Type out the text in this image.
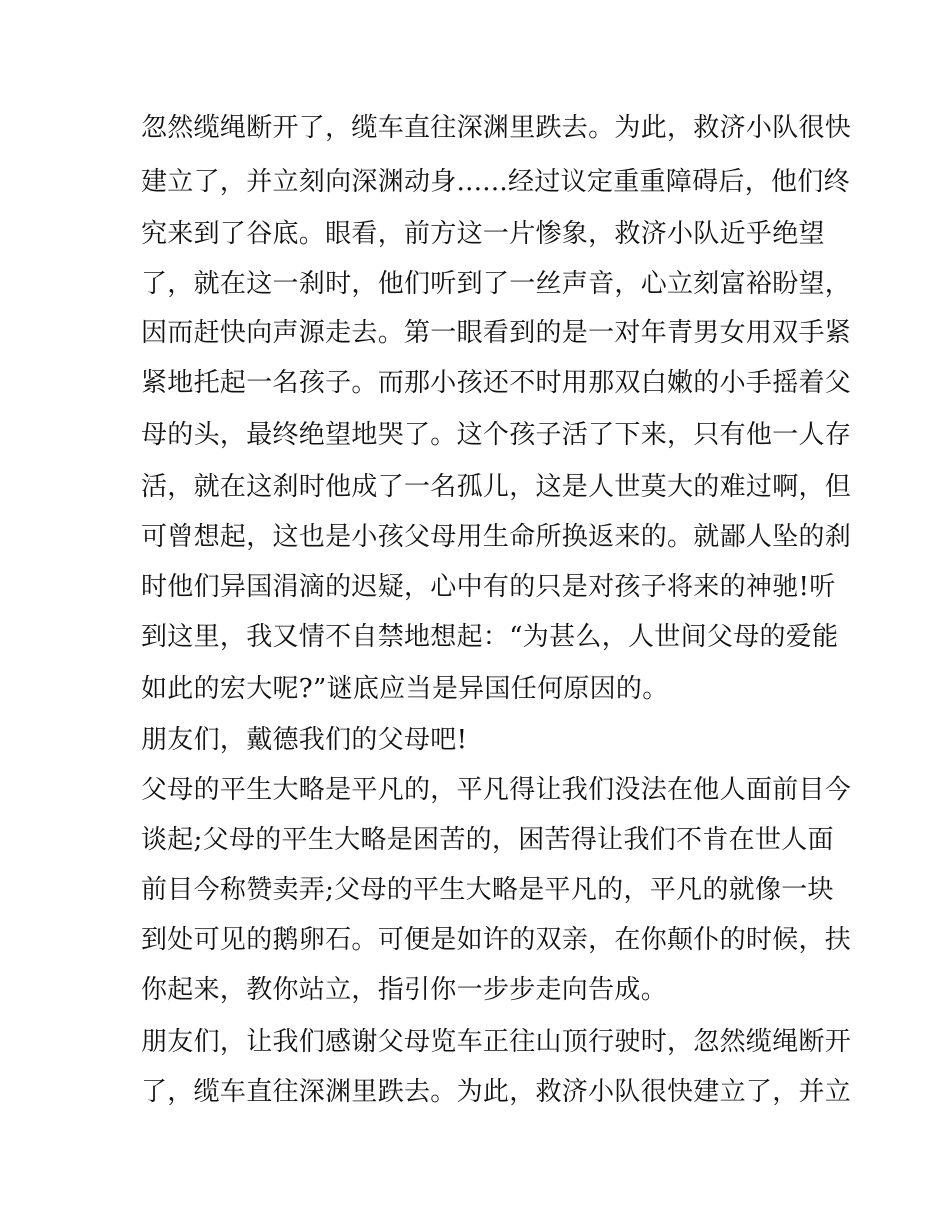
忽然缆绳断开了，缆车直往深渊里跌去。为此，救济小队很快
建立了，并立刻向深渊动身......经过议定重重障碍后，他们终
究来到了谷底。眼看，前方这一片惨象，救济小队近乎绝望
了，就在这一刹时，他们听到了一丝声音，心立刻富裕盼望，
因而赶快向声源走去。第一眼看到的是一对年青男女用双手紧
紧地托起一名孩子。而那小孩还不时用那双白嫩的小手摇着父
母的头，最终绝望地哭了。这个孩子活了下来，只有他一人存
活，就在这刹时他成了一名孤儿，这是人世莫大的难过啊，但
可曾想起，这也是小孩父母用生命所换返来的。就鄙人坠的刹
时他们异国涓滴的迟疑，心中有的只是对孩子将来的神驰!听
到这里，我又情不自禁地想起：“为甚么，人世间父母的爱能
如此的宏大呢?”谜底应当是异国任何原因的。
朋友们，戴德我们的父母吧!
父母的平生大略是平凡的，平凡得让我们没法在他人面前目今
谈起;父母的平生大略是困苦的，困苦得让我们不肯在世人面
前目今称赞卖弄;父母的平生大略是平凡的，平凡的就像一块
到处可见的鹅卵石。可便是如许的双亲，在你颠仆的时候，扶
你起来，教你站立，指引你一步步走向告成。
朋友们，让我们感谢父母览车正往山顶行驶时，忽然缆绳断开
了，缆车直往深渊里跌去。为此，救济小队很快建立了，并立
